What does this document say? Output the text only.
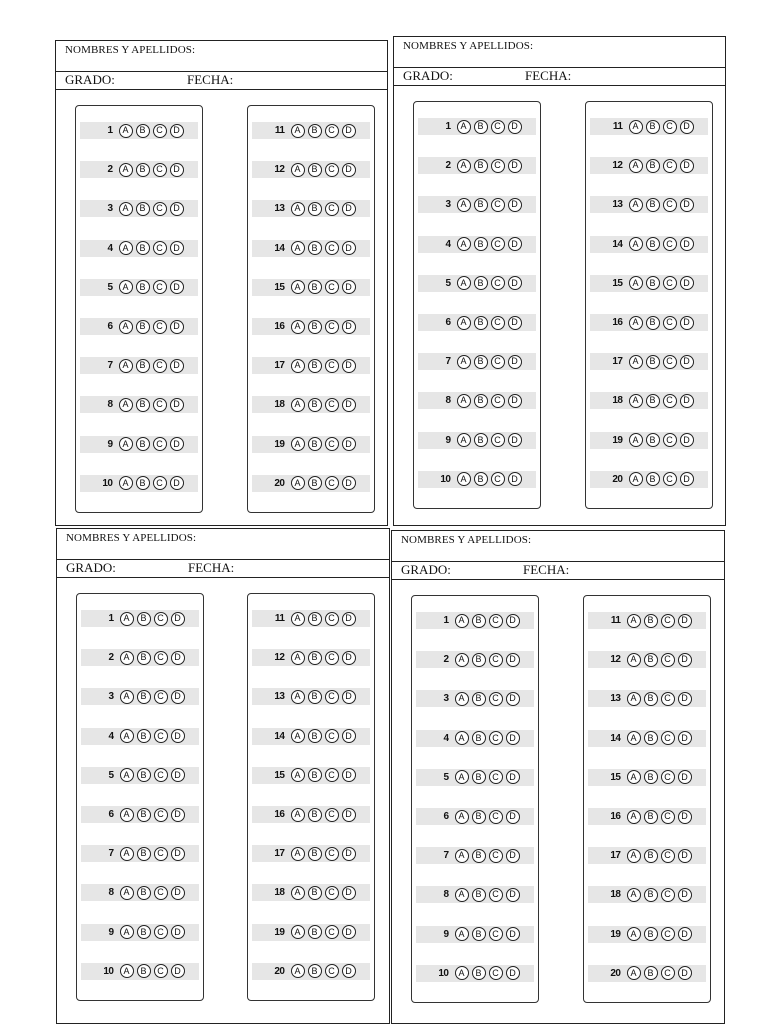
NOMBRES Y APELLIDOS:
GRADO:	FECHA:
1	A	B	C	D
2	A	B	C	D
3	A	B	C	D
4	A	B	C	D
5	A	B	C	D
6	A	B	C	D
7	A	B	C	D
8	A	B	C	D
9	A	B	C	D
10	A	B	C	D
11	A	B	C	D
12	A	B	C	D
13	A	B	C	D
14	A	B	C	D
15	A	B	C	D
16	A	B	C	D
17	A	B	C	D
18	A	B	C	D
19	A	B	C	D
20	A	B	C	D
NOMBRES Y APELLIDOS:
GRADO:	FECHA:
1	A	B	C	D
2	A	B	C	D
3	A	B	C	D
4	A	B	C	D
5	A	B	C	D
6	A	B	C	D
7	A	B	C	D
8	A	B	C	D
9	A	B	C	D
10	A	B	C	D
11	A	B	C	D
12	A	B	C	D
13	A	B	C	D
14	A	B	C	D
15	A	B	C	D
16	A	B	C	D
17	A	B	C	D
18	A	B	C	D
19	A	B	C	D
20	A	B	C	D
NOMBRES Y APELLIDOS:
GRADO:	FECHA:
1	A	B	C	D
2	A	B	C	D
3	A	B	C	D
4	A	B	C	D
5	A	B	C	D
6	A	B	C	D
7	A	B	C	D
8	A	B	C	D
9	A	B	C	D
10	A	B	C	D
11	A	B	C	D
12	A	B	C	D
13	A	B	C	D
14	A	B	C	D
15	A	B	C	D
16	A	B	C	D
17	A	B	C	D
18	A	B	C	D
19	A	B	C	D
20	A	B	C	D
NOMBRES Y APELLIDOS:
GRADO:	FECHA:
1	A	B	C	D
2	A	B	C	D
3	A	B	C	D
4	A	B	C	D
5	A	B	C	D
6	A	B	C	D
7	A	B	C	D
8	A	B	C	D
9	A	B	C	D
10	A	B	C	D
11	A	B	C	D
12	A	B	C	D
13	A	B	C	D
14	A	B	C	D
15	A	B	C	D
16	A	B	C	D
17	A	B	C	D
18	A	B	C	D
19	A	B	C	D
20	A	B	C	D
